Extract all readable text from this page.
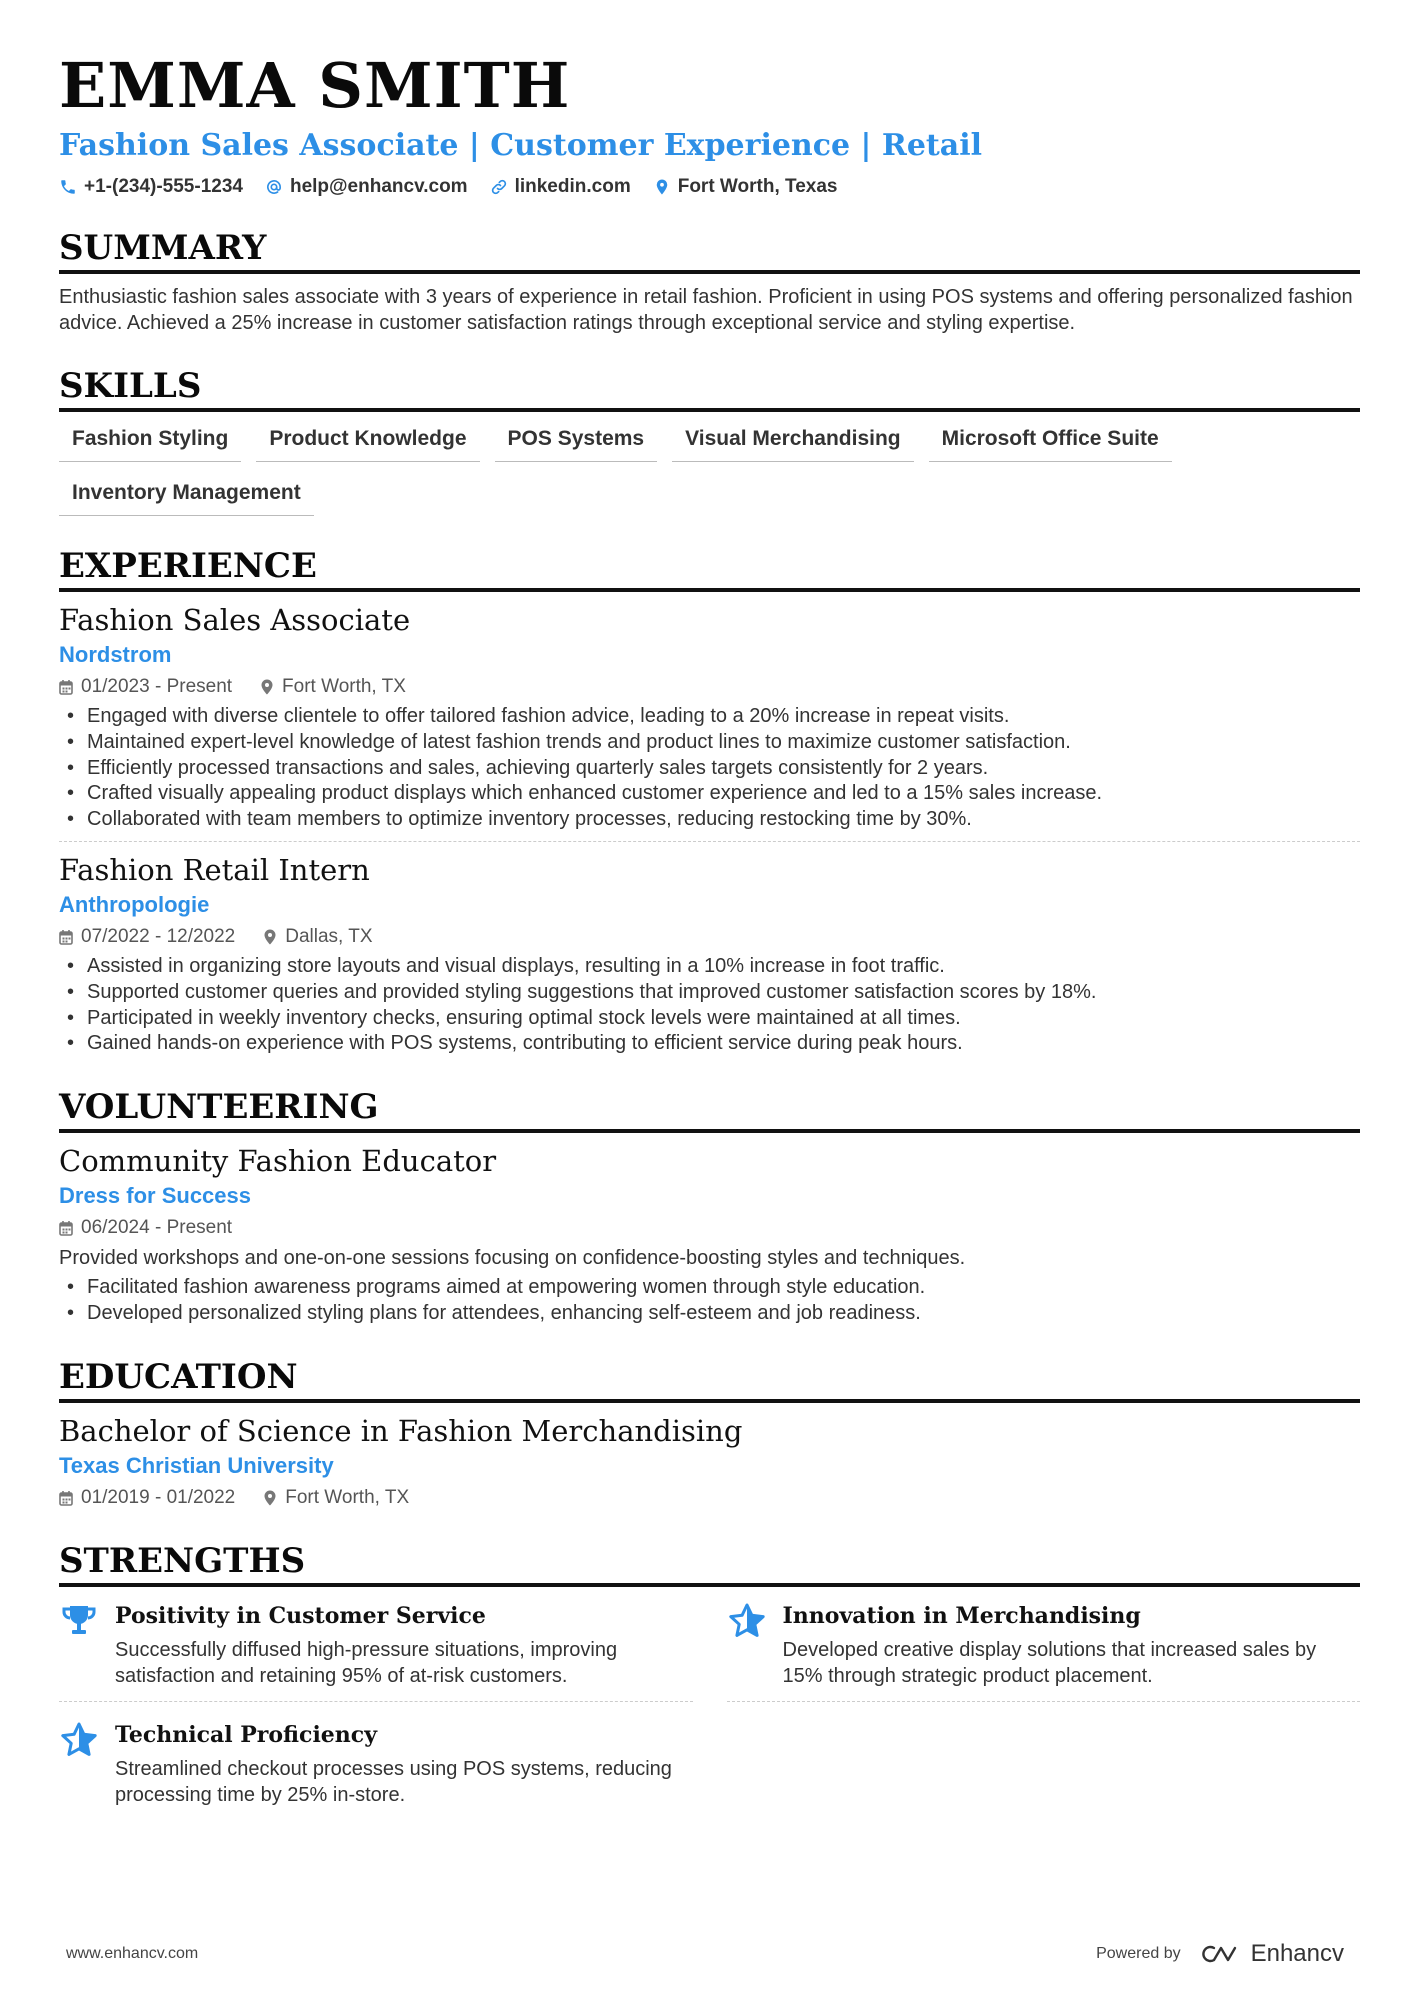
EMMA SMITH
Fashion Sales Associate | Customer Experience | Retail
+1-(234)-555-1234 help@enhancv.com linkedin.com Fort Worth, Texas
SUMMARY
Enthusiastic fashion sales associate with 3 years of experience in retail fashion. Proficient in using POS systems and offering personalized fashion advice. Achieved a 25% increase in customer satisfaction ratings through exceptional service and styling expertise.
SKILLS
Fashion Styling	Product Knowledge	POS Systems	Visual Merchandising	Microsoft Office Suite
Inventory Management
EXPERIENCE
Fashion Sales Associate
Nordstrom
01/2023 - Present	Fort Worth, TX
• Engaged with diverse clientele to offer tailored fashion advice, leading to a 20% increase in repeat visits.
• Maintained expert-level knowledge of latest fashion trends and product lines to maximize customer satisfaction.
• Efficiently processed transactions and sales, achieving quarterly sales targets consistently for 2 years.
• Crafted visually appealing product displays which enhanced customer experience and led to a 15% sales increase.
• Collaborated with team members to optimize inventory processes, reducing restocking time by 30%.
Fashion Retail Intern
Anthropologie
07/2022 - 12/2022	Dallas, TX
• Assisted in organizing store layouts and visual displays, resulting in a 10% increase in foot traffic.
• Supported customer queries and provided styling suggestions that improved customer satisfaction scores by 18%.
• Participated in weekly inventory checks, ensuring optimal stock levels were maintained at all times.
• Gained hands-on experience with POS systems, contributing to efficient service during peak hours.
VOLUNTEERING
Community Fashion Educator
Dress for Success
06/2024 - Present
Provided workshops and one-on-one sessions focusing on confidence-boosting styles and techniques.
• Facilitated fashion awareness programs aimed at empowering women through style education.
• Developed personalized styling plans for attendees, enhancing self-esteem and job readiness.
EDUCATION
Bachelor of Science in Fashion Merchandising
Texas Christian University
01/2019 - 01/2022	Fort Worth, TX
STRENGTHS
Positivity in Customer Service
Successfully diffused high-pressure situations, improving satisfaction and retaining 95% of at-risk customers.
Innovation in Merchandising
Developed creative display solutions that increased sales by 15% through strategic product placement.
Technical Proficiency
Streamlined checkout processes using POS systems, reducing processing time by 25% in-store.
www.enhancv.com	Powered by	Enhancv
